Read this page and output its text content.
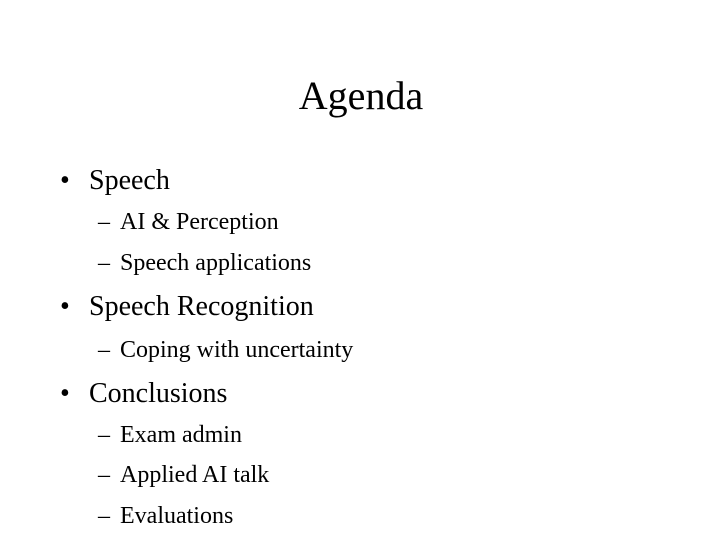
Agenda
• Speech
– AI & Perception
– Speech applications
• Speech Recognition
– Coping with uncertainty
• Conclusions
– Exam admin
– Applied AI talk
– Evaluations
